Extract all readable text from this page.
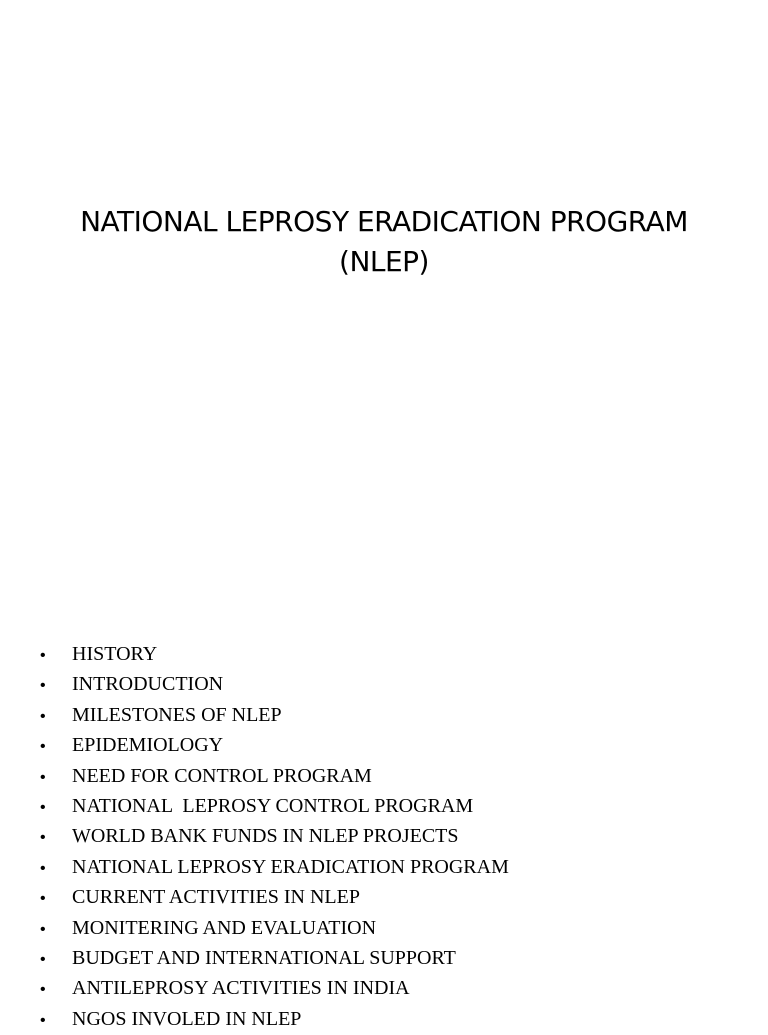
NATIONAL LEPROSY ERADICATION PROGRAM
(NLEP)
•	HISTORY
•	INTRODUCTION
•	MILESTONES OF NLEP
•	EPIDEMIOLOGY
•	NEED FOR CONTROL PROGRAM
•	NATIONAL  LEPROSY CONTROL PROGRAM
•	WORLD BANK FUNDS IN NLEP PROJECTS
•	NATIONAL LEPROSY ERADICATION PROGRAM
•	CURRENT ACTIVITIES IN NLEP
•	MONITERING AND EVALUATION
•	BUDGET AND INTERNATIONAL SUPPORT
•	ANTILEPROSY ACTIVITIES IN INDIA
•	NGOS INVOLED IN NLEP
